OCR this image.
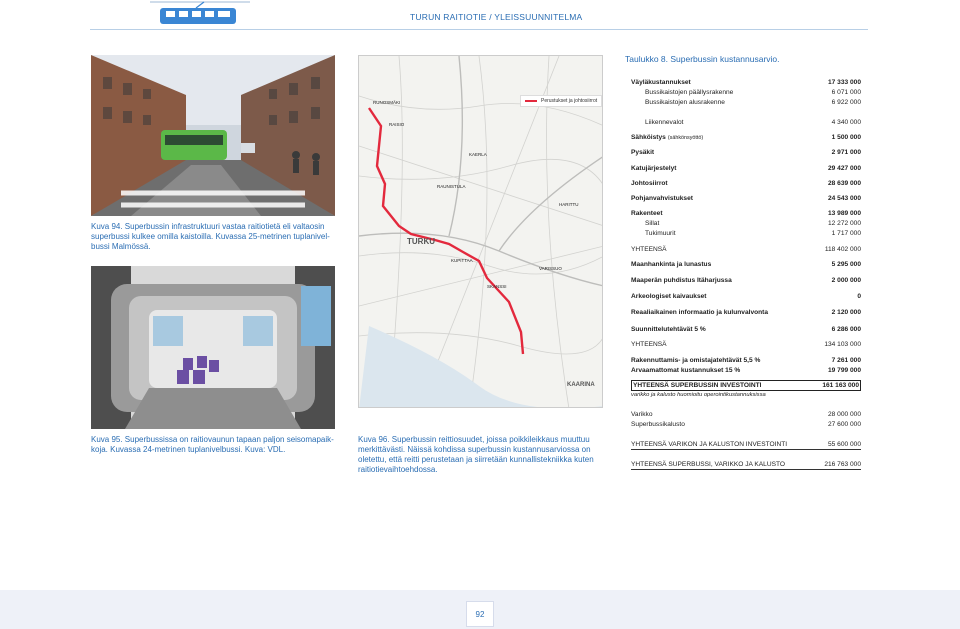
TURUN RAITIOTIE / YLEISSUUNNITELMA
Kuva 94. Superbussin infrastruktuuri vastaa raitiotietä eli valtaosin superbussi kulkee omilla kaistoilla. Kuvassa 25-metrinen tuplanivel-bussi Malmössä.
Kuva 95. Superbussissa on raitiovaunun tapaan paljon seisomapaik-koja. Kuvassa 24-metrinen tuplanivelbussi. Kuva: VDL.
RUNOSMÄKI
RAISIO
KAERLA
RAUNISTULA
TURKU
KUPITTAA
SKANSSI
VARISSUO
KAARINA
HARITTU
Perustukset ja johtosiirrot
Kuva 96. Superbussin reittiosuudet, joissa poikkileikkaus muuttuu merkittävästi. Näissä kohdissa superbussin kustannusarviossa on oletettu, että reitti perustetaan ja siirretään kunnallistekniikka kuten raitiotievaihtoehdossa.
Taulukko 8. Superbussin kustannusarvio.
Väyläkustannukset	17 333 000
Bussikaistojen päällysrakenne	6 071 000
Bussikaistojen alusrakenne	6 922 000
Liikennevalot	4 340 000
Sähköistys (sähkönsyöttö)	1 500 000
Pysäkit	2 971 000
Katujärjestelyt	29 427 000
Johtosiirrot	28 639 000
Pohjanvahvistukset	24 543 000
Rakenteet	13 989 000
Sillat	12 272 000
Tukimuurit	1 717 000
YHTEENSÄ	118 402 000
Maanhankinta ja lunastus	5 295 000
Maaperän puhdistus Itäharjussa	2 000 000
Arkeologiset kaivaukset	0
Reaaliaikainen informaatio ja kulunvalvonta	2 120 000
Suunnittelutehtävät 5 %	6 286 000
YHTEENSÄ	134 103 000
Rakennuttamis- ja omistajatehtävät 5,5 %	7 261 000
Arvaamattomat kustannukset 15 %	19 799 000
YHTEENSÄ SUPERBUSSIN INVESTOINTI	161 163 000
varikko ja kalusto huomioitu operointikustannuksissa
Varikko	28 000 000
Superbussikalusto	27 600 000
YHTEENSÄ VARIKON JA KALUSTON INVESTOINTI	55 600 000
YHTEENSÄ SUPERBUSSI, VARIKKO JA KALUSTO	216 763 000
92
